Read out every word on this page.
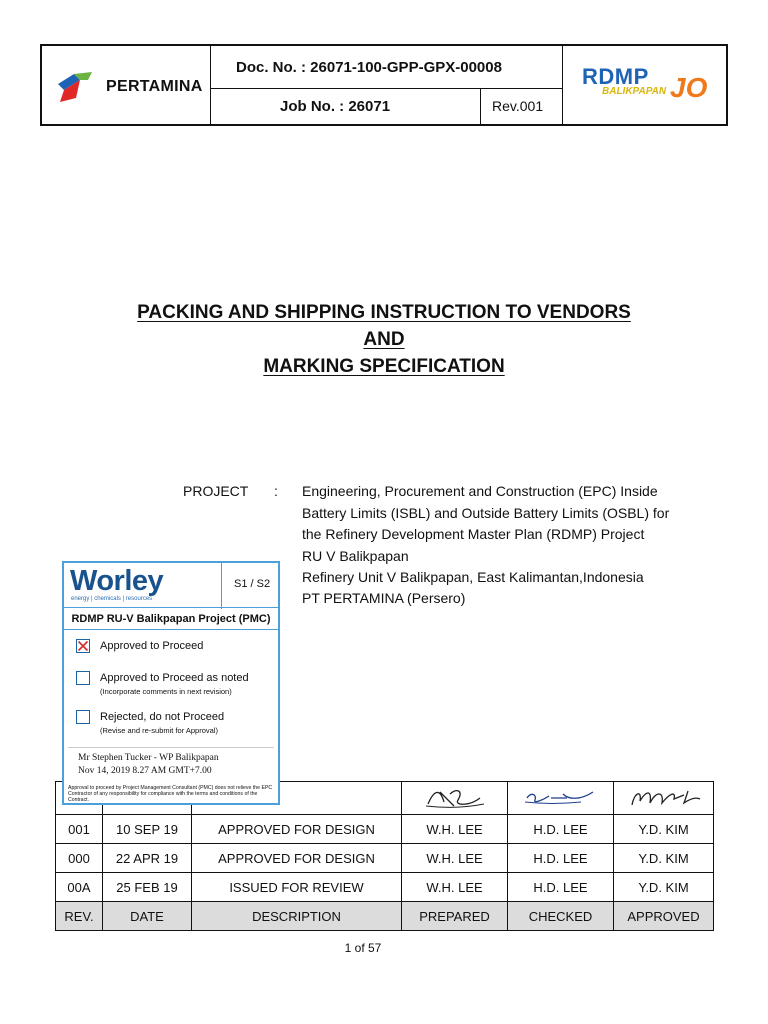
PERTAMINA
Doc. No. : 26071-100-GPP-GPX-00008
Job No. : 26071	Rev.001
RDMP
BALIKPAPAN JO
PACKING AND SHIPPING INSTRUCTION TO VENDORS
AND
MARKING SPECIFICATION
PROJECT : Engineering, Procurement and Construction (EPC) Inside
Battery Limits (ISBL) and Outside Battery Limits (OSBL) for
the Refinery Development Master Plan (RDMP) Project
RU V Balikpapan
Refinery Unit V Balikpapan, East Kalimantan,Indonesia
PT PERTAMINA (Persero)

001	10 SEP 19	APPROVED FOR DESIGN	W.H. LEE	H.D. LEE	Y.D. KIM
000	22 APR 19	APPROVED FOR DESIGN	W.H. LEE	H.D. LEE	Y.D. KIM
00A	25 FEB 19	ISSUED FOR REVIEW	W.H. LEE	H.D. LEE	Y.D. KIM
REV.	DATE	DESCRIPTION	PREPARED	CHECKED	APPROVED
Worley
energy | chemicals | resources
S1 / S2
RDMP RU-V Balikpapan Project (PMC)
Approved to Proceed
Approved to Proceed as noted
(Incorporate comments in next revision)
Rejected, do not Proceed
(Revise and re-submit for Approval)
Mr Stephen Tucker - WP Balikpapan
Nov 14, 2019 8.27 AM GMT+7.00
Approval to proceed by Project Management Consultant (PMC) does not relieve the EPC Contractor of any responsibility for compliance with the terms and conditions of the Contract.
1 of 57
